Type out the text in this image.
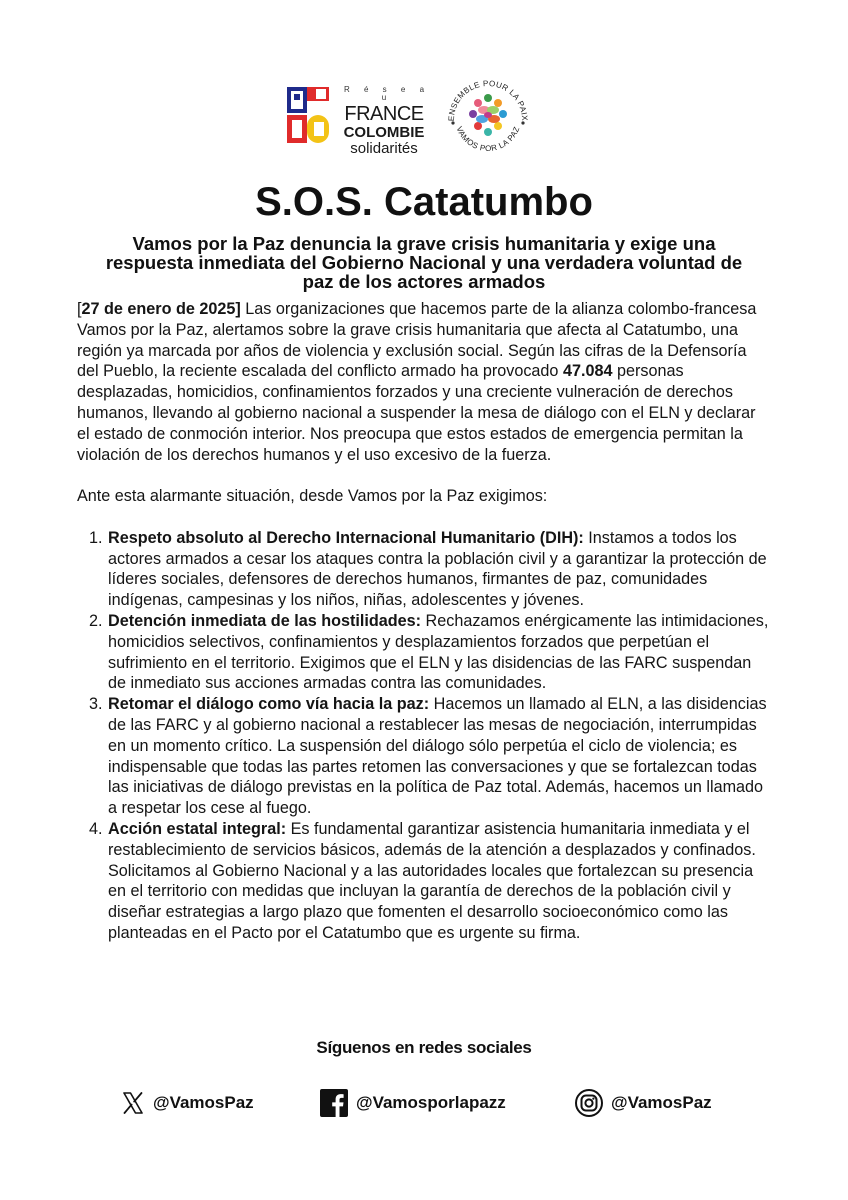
R é s e a u
FRANCE
COLOMBIE
solidarités
ENSEMBLE POUR LA PAIX
VAMOS POR LA PAZ
S.O.S. Catatumbo
Vamos por la Paz denuncia la grave crisis humanitaria y exige una respuesta inmediata del Gobierno Nacional y una verdadera voluntad de paz de los actores armados

[27 de enero de 2025] Las organizaciones que hacemos parte de la alianza colombo-francesa Vamos por la Paz, alertamos sobre la grave crisis humanitaria que afecta al Catatumbo, una región ya marcada por años de violencia y exclusión social. Según las cifras de la Defensoría del Pueblo, la reciente escalada del conflicto armado ha provocado 47.084 personas desplazadas, homicidios, confinamientos forzados y una creciente vulneración de derechos humanos, llevando al gobierno nacional a suspender la mesa de diálogo con el ELN y declarar el estado de conmoción interior. Nos preocupa que estos estados de emergencia permitan la violación de los derechos humanos y el uso excesivo de la fuerza.

Ante esta alarmante situación, desde Vamos por la Paz exigimos:

1. Respeto absoluto al Derecho Internacional Humanitario (DIH): Instamos a todos los actores armados a cesar los ataques contra la población civil y a garantizar la protección de líderes sociales, defensores de derechos humanos, firmantes de paz, comunidades indígenas, campesinas y los niños, niñas, adolescentes y jóvenes.
2. Detención inmediata de las hostilidades: Rechazamos enérgicamente las intimidaciones, homicidios selectivos, confinamientos y desplazamientos forzados que perpetúan el sufrimiento en el territorio. Exigimos que el ELN y las disidencias de las FARC suspendan de inmediato sus acciones armadas contra las comunidades.
3. Retomar el diálogo como vía hacia la paz: Hacemos un llamado al ELN, a las disidencias de las FARC y al gobierno nacional a restablecer las mesas de negociación, interrumpidas en un momento crítico. La suspensión del diálogo sólo perpetúa el ciclo de violencia; es indispensable que todas las partes retomen las conversaciones y que se fortalezcan todas las iniciativas de diálogo previstas en la política de Paz total. Además, hacemos un llamado a respetar los cese al fuego.
4. Acción estatal integral: Es fundamental garantizar asistencia humanitaria inmediata y el restablecimiento de servicios básicos, además de la atención a desplazados y confinados. Solicitamos al Gobierno Nacional y a las autoridades locales que fortalezcan su presencia en el territorio con medidas que incluyan la garantía de derechos de la población civil y diseñar estrategias a largo plazo que fomenten el desarrollo socioeconómico como las planteadas en el Pacto por el Catatumbo que es urgente su firma.
Síguenos en redes sociales
@VamosPaz	@Vamosporlapazz	@VamosPaz
